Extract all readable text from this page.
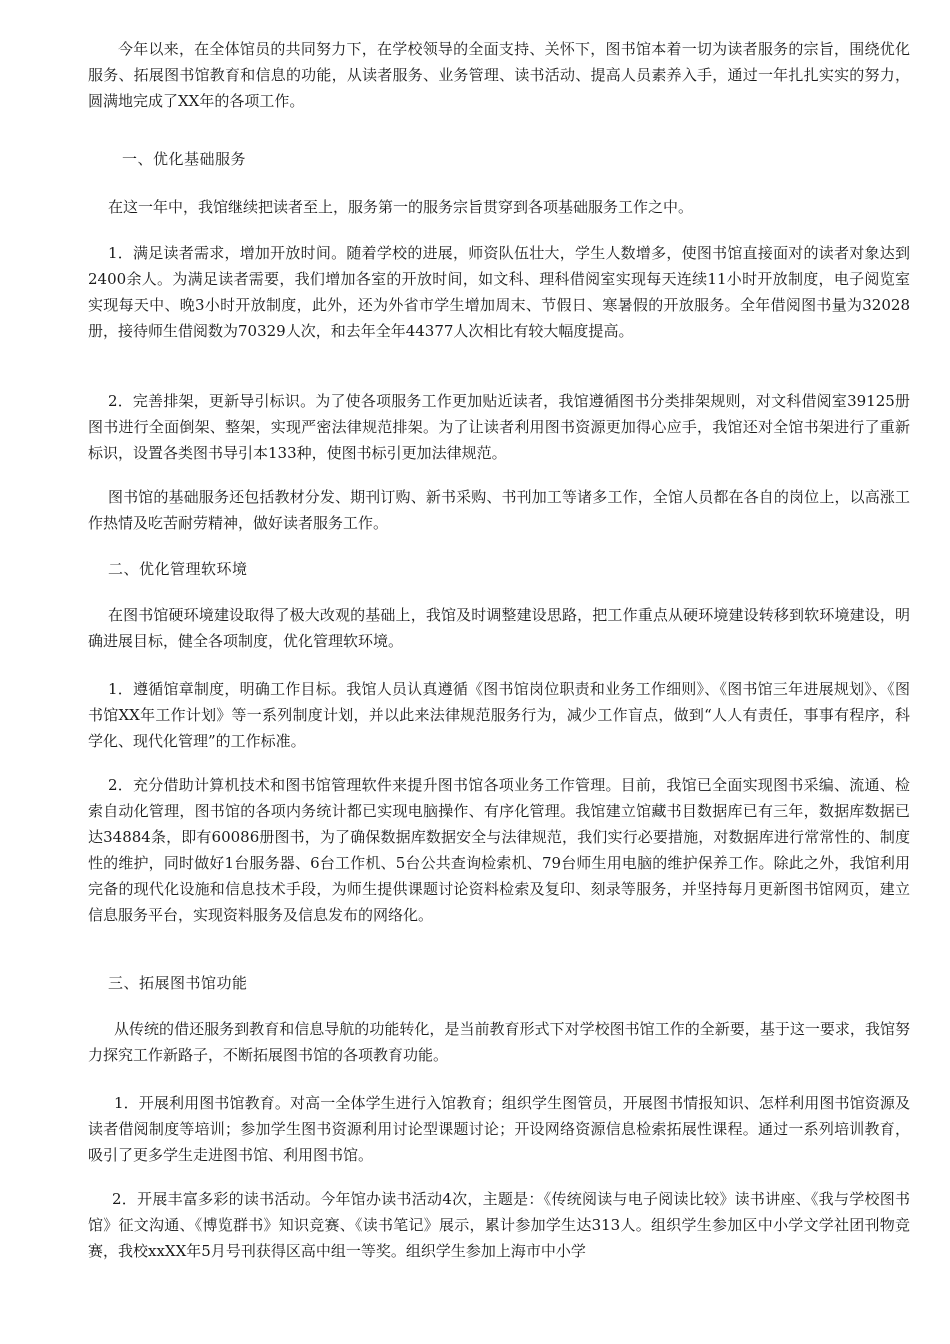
今年以来，在全体馆员的共同努力下，在学校领导的全面支持、关怀下，图书馆本着一切为读者服务的宗旨，围绕优化服务、拓展图书馆教育和信息的功能，从读者服务、业务管理、读书活动、提高人员素养入手，通过一年扎扎实实的努力，圆满地完成了XX年的各项工作。

一、优化基础服务

在这一年中，我馆继续把读者至上，服务第一的服务宗旨贯穿到各项基础服务工作之中。

1．满足读者需求，增加开放时间。随着学校的进展，师资队伍壮大，学生人数增多，使图书馆直接面对的读者对象达到2400余人。为满足读者需要，我们增加各室的开放时间，如文科、理科借阅室实现每天连续11小时开放制度，电子阅览室实现每天中、晚3小时开放制度，此外，还为外省市学生增加周末、节假日、寒暑假的开放服务。全年借阅图书量为32028册，接待师生借阅数为70329人次，和去年全年44377人次相比有较大幅度提高。

2．完善排架，更新导引标识。为了使各项服务工作更加贴近读者，我馆遵循图书分类排架规则，对文科借阅室39125册图书进行全面倒架、整架，实现严密法律规范排架。为了让读者利用图书资源更加得心应手，我馆还对全馆书架进行了重新标识，设置各类图书导引本133种，使图书标引更加法律规范。

图书馆的基础服务还包括教材分发、期刊订购、新书采购、书刊加工等诸多工作，全馆人员都在各自的岗位上，以高涨工作热情及吃苦耐劳精神，做好读者服务工作。

二、优化管理软环境

在图书馆硬环境建设取得了极大改观的基础上，我馆及时调整建设思路，把工作重点从硬环境建设转移到软环境建设，明确进展目标，健全各项制度，优化管理软环境。

1．遵循馆章制度，明确工作目标。我馆人员认真遵循《图书馆岗位职责和业务工作细则》、《图书馆三年进展规划》、《图书馆XX年工作计划》等一系列制度计划，并以此来法律规范服务行为，减少工作盲点，做到“人人有责任，事事有程序，科学化、现代化管理”的工作标准。

2．充分借助计算机技术和图书馆管理软件来提升图书馆各项业务工作管理。目前，我馆已全面实现图书采编、流通、检索自动化管理，图书馆的各项内务统计都已实现电脑操作、有序化管理。我馆建立馆藏书目数据库已有三年，数据库数据已达34884条，即有60086册图书，为了确保数据库数据安全与法律规范，我们实行必要措施，对数据库进行常常性的、制度性的维护，同时做好1台服务器、6台工作机、5台公共查询检索机、79台师生用电脑的维护保养工作。除此之外，我馆利用完备的现代化设施和信息技术手段，为师生提供课题讨论资料检索及复印、刻录等服务，并坚持每月更新图书馆网页，建立信息服务平台，实现资料服务及信息发布的网络化。

三、拓展图书馆功能

从传统的借还服务到教育和信息导航的功能转化，是当前教育形式下对学校图书馆工作的全新要，基于这一要求，我馆努力探究工作新路子，不断拓展图书馆的各项教育功能。

1．开展利用图书馆教育。对高一全体学生进行入馆教育；组织学生图管员，开展图书情报知识、怎样利用图书馆资源及读者借阅制度等培训；参加学生图书资源利用讨论型课题讨论；开设网络资源信息检索拓展性课程。通过一系列培训教育，吸引了更多学生走进图书馆、利用图书馆。

2．开展丰富多彩的读书活动。今年馆办读书活动4次，主题是：《传统阅读与电子阅读比较》读书讲座、《我与学校图书馆》征文沟通、《博览群书》知识竞赛、《读书笔记》展示，累计参加学生达313人。组织学生参加区中小学文学社团刊物竞赛，我校xxXX年5月号刊获得区高中组一等奖。组织学生参加上海市中小学
